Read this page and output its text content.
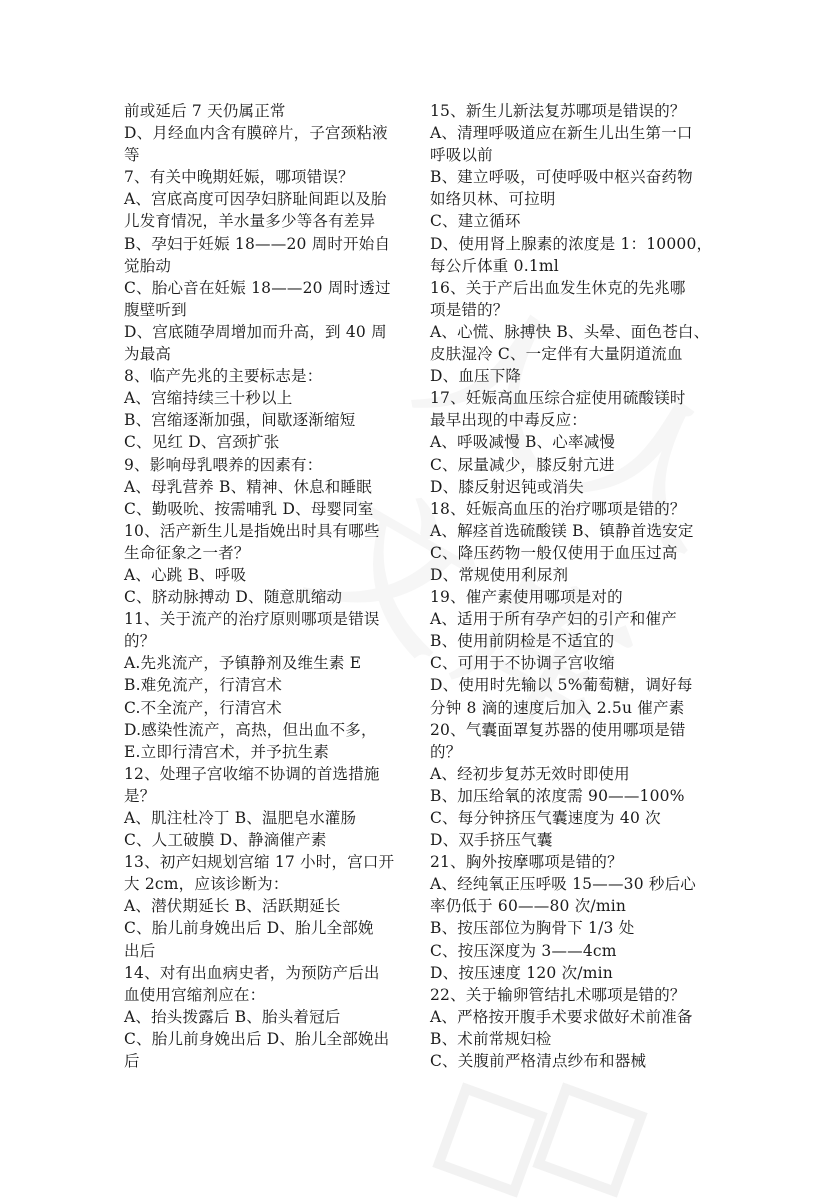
前或延后 7 天仍属正常
D、月经血内含有膜碎片，子宫颈粘液
等
7、有关中晚期妊娠，哪项错误？
A、宫底高度可因孕妇脐耻间距以及胎
儿发育情况，羊水量多少等各有差异
B、孕妇于妊娠 18——20 周时开始自
觉胎动
C、胎心音在妊娠 18——20 周时透过
腹壁听到
D、宫底随孕周增加而升高，到 40 周
为最高
8、临产先兆的主要标志是：
A、宫缩持续三十秒以上
B、宫缩逐渐加强，间歇逐渐缩短
C、见红 D、宫颈扩张
9、影响母乳喂养的因素有：
A、母乳营养 B、精神、休息和睡眠
C、勤吸吮、按需哺乳 D、母婴同室
10、活产新生儿是指娩出时具有哪些
生命征象之一者？
A、心跳 B、呼吸
C、脐动脉搏动 D、随意肌缩动
11、关于流产的治疗原则哪项是错误
的？
A.先兆流产，予镇静剂及维生素 E
B.难免流产，行清宫术
C.不全流产，行清宫术
D.感染性流产，高热，但出血不多，
E.立即行清宫术，并予抗生素
12、处理子宫收缩不协调的首选措施
是？
A、肌注杜冷丁 B、温肥皂水灌肠
C、人工破膜 D、静滴催产素
13、初产妇规划宫缩 17 小时，宫口开
大 2cm，应该诊断为：
A、潜伏期延长 B、活跃期延长
C、胎儿前身娩出后 D、胎儿全部娩
出后
14、对有出血病史者，为预防产后出
血使用宫缩剂应在：
A、抬头拨露后 B、胎头着冠后
C、胎儿前身娩出后 D、胎儿全部娩出
后
15、新生儿新法复苏哪项是错误的？
A、清理呼吸道应在新生儿出生第一口
呼吸以前
B、建立呼吸，可使呼吸中枢兴奋药物
如络贝林、可拉明
C、建立循环
D、使用肾上腺素的浓度是 1：10000，
每公斤体重 0.1ml
16、关于产后出血发生休克的先兆哪
项是错的？
A、心慌、脉搏快 B、头晕、面色苍白、
皮肤湿冷 C、一定伴有大量阴道流血
D、血压下降
17、妊娠高血压综合症使用硫酸镁时
最早出现的中毒反应：
A、呼吸减慢 B、心率减慢
C、尿量减少，膝反射亢进
D、膝反射迟钝或消失
18、妊娠高血压的治疗哪项是错的？
A、解痉首选硫酸镁 B、镇静首选安定
C、降压药物一般仅使用于血压过高
D、常规使用利尿剂
19、催产素使用哪项是对的
A、适用于所有孕产妇的引产和催产
B、使用前阴检是不适宜的
C、可用于不协调子宫收缩
D、使用时先输以 5%葡萄糖，调好每
分钟 8 滴的速度后加入 2.5u 催产素
20、气囊面罩复苏器的使用哪项是错
的？
A、经初步复苏无效时即使用
B、加压给氧的浓度需 90——100%
C、每分钟挤压气囊速度为 40 次
D、双手挤压气囊
21、胸外按摩哪项是错的？
A、经纯氧正压呼吸 15——30 秒后心
率仍低于 60——80 次/min
B、按压部位为胸骨下 1/3 处
C、按压深度为 3——4cm
D、按压速度 120 次/min
22、关于输卵管结扎术哪项是错的？
A、严格按开腹手术要求做好术前准备
B、术前常规妇检
C、关腹前严格清点纱布和器械
